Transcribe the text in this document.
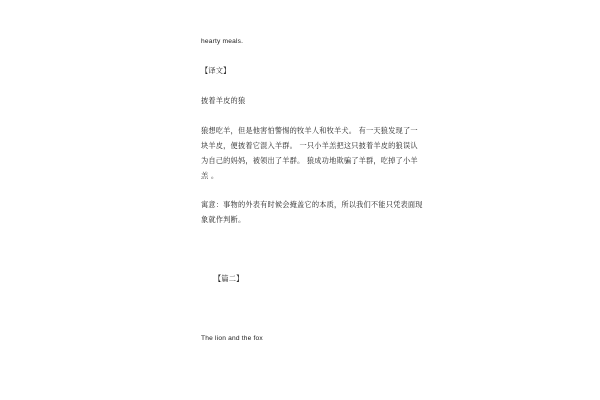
hearty meals.
【译文】
披着羊皮的狼
狼想吃羊，但是他害怕警惕的牧羊人和牧羊犬。 有一天狼发现了一
块羊皮，便披着它混入羊群。 一只小羊羔把这只披着羊皮的狼误认
为自己的妈妈，被领出了羊群。 狼成功地欺骗了羊群，吃掉了小羊
羔 。
寓意：事物的外表有时候会掩盖它的本质，所以我们不能只凭表面现
象就作判断。
【篇二】
The lion and the fox
